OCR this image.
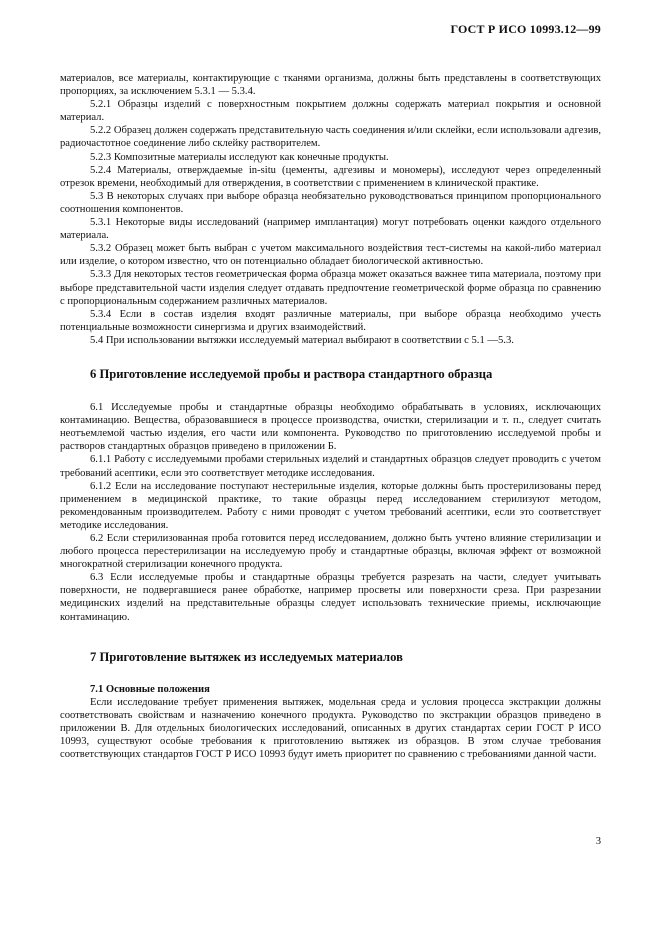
ГОСТ Р ИСО 10993.12—99

материалов, все материалы, контактирующие с тканями организма, должны быть представлены в соответствующих пропорциях, за исключением 5.3.1 — 5.3.4.

5.2.1 Образцы изделий с поверхностным покрытием должны содержать материал покрытия и основной материал.

5.2.2 Образец должен содержать представительную часть соединения и/или склейки, если использовали адгезив, радиочастотное соединение либо склейку растворителем.

5.2.3 Композитные материалы исследуют как конечные продукты.

5.2.4 Материалы, отверждаемые in-situ (цементы, адгезивы и мономеры), исследуют через определенный отрезок времени, необходимый для отверждения, в соответствии с применением в клинической практике.

5.3 В некоторых случаях при выборе образца необязательно руководствоваться принципом пропорционального соотношения компонентов.

5.3.1 Некоторые виды исследований (например имплантация) могут потребовать оценки каждого отдельного материала.

5.3.2 Образец может быть выбран с учетом максимального воздействия тест-системы на какой-либо материал или изделие, о котором известно, что он потенциально обладает биологической активностью.

5.3.3 Для некоторых тестов геометрическая форма образца может оказаться важнее типа материала, поэтому при выборе представительной части изделия следует отдавать предпочтение геометрической форме образца по сравнению с пропорциональным содержанием различных материалов.

5.3.4 Если в состав изделия входят различные материалы, при выборе образца необходимо учесть потенциальные возможности синергизма и других взаимодействий.

5.4 При использовании вытяжки исследуемый материал выбирают в соответствии с 5.1 —5.3.

6 Приготовление исследуемой пробы и раствора стандартного образца

6.1 Исследуемые пробы и стандартные образцы необходимо обрабатывать в условиях, исключающих контаминацию. Вещества, образовавшиеся в процессе производства, очистки, стерилизации и т. п., следует считать неотъемлемой частью изделия, его части или компонента. Руководство по приготовлению исследуемой пробы и растворов стандартных образцов приведено в приложении Б.

6.1.1 Работу с исследуемыми пробами стерильных изделий и стандартных образцов следует проводить с учетом требований асептики, если это соответствует методике исследования.

6.1.2 Если на исследование поступают нестерильные изделия, которые должны быть простерилизованы перед применением в медицинской практике, то такие образцы перед исследованием стерилизуют методом, рекомендованным производителем. Работу с ними проводят с учетом требований асептики, если это соответствует методике исследования.

6.2 Если стерилизованная проба готовится перед исследованием, должно быть учтено влияние стерилизации и любого процесса перестерилизации на исследуемую пробу и стандартные образцы, включая эффект от возможной многократной стерилизации конечного продукта.

6.3 Если исследуемые пробы и стандартные образцы требуется разрезать на части, следует учитывать поверхности, не подвергавшиеся ранее обработке, например просветы или поверхности среза. При разрезании медицинских изделий на представительные образцы следует использовать технические приемы, исключающие контаминацию.

7 Приготовление вытяжек из исследуемых материалов
7.1 Основные положения

Если исследование требует применения вытяжек, модельная среда и условия процесса экстракции должны соответствовать свойствам и назначению конечного продукта. Руководство по экстракции образцов приведено в приложении В. Для отдельных биологических исследований, описанных в других стандартах серии ГОСТ Р ИСО 10993, существуют особые требования к приготовлению вытяжек из образцов. В этом случае требования соответствующих стандартов ГОСТ Р ИСО 10993 будут иметь приоритет по сравнению с требованиями данной части.

3
